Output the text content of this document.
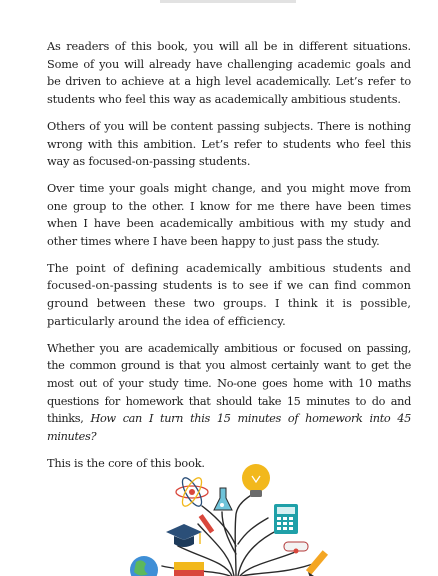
As readers of this book, you will all be in different situations. Some of you will already have challenging academic goals and be driven to achieve at a high level academically. Let’s refer to students who feel this way as academically ambitious students.

Others of you will be content passing subjects. There is nothing wrong with this ambition. Let’s refer to students who feel this way as focused-on-passing students.

Over time your goals might change, and you might move from one group to the other. I know for me there have been times when I have been academically ambitious with my study and other times where I have been happy to just pass the study.

The point of defining academically ambitious students and focused-on-passing students is to see if we can find common ground between these two groups. I think it is possible, particularly around the idea of efficiency.

Whether you are academically ambitious or focused on passing, the common ground is that you almost certainly want to get the most out of your study time. No-one goes home with 10 maths questions for homework that should take 15 minutes to do and thinks, How can I turn this 15 minutes of homework into 45 minutes?

This is the core of this book.
